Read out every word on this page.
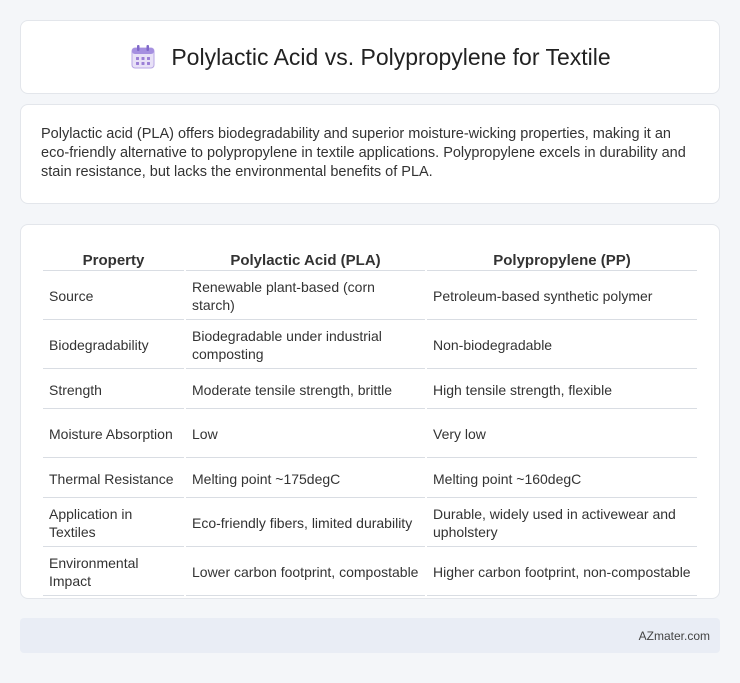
Polylactic Acid vs. Polypropylene for Textile

Polylactic acid (PLA) offers biodegradability and superior moisture-wicking properties, making it an eco-friendly alternative to polypropylene in textile applications. Polypropylene excels in durability and stain resistance, but lacks the environmental benefits of PLA.

Property	Polylactic Acid (PLA)	Polypropylene (PP)
Source	Renewable plant-based (corn starch)	Petroleum-based synthetic polymer
Biodegradability	Biodegradable under industrial composting	Non-biodegradable
Strength	Moderate tensile strength, brittle	High tensile strength, flexible
Moisture Absorption	Low	Very low
Thermal Resistance	Melting point ~175degC	Melting point ~160degC
Application in Textiles	Eco-friendly fibers, limited durability	Durable, widely used in activewear and upholstery
Environmental Impact	Lower carbon footprint, compostable	Higher carbon footprint, non-compostable
AZmater.com
